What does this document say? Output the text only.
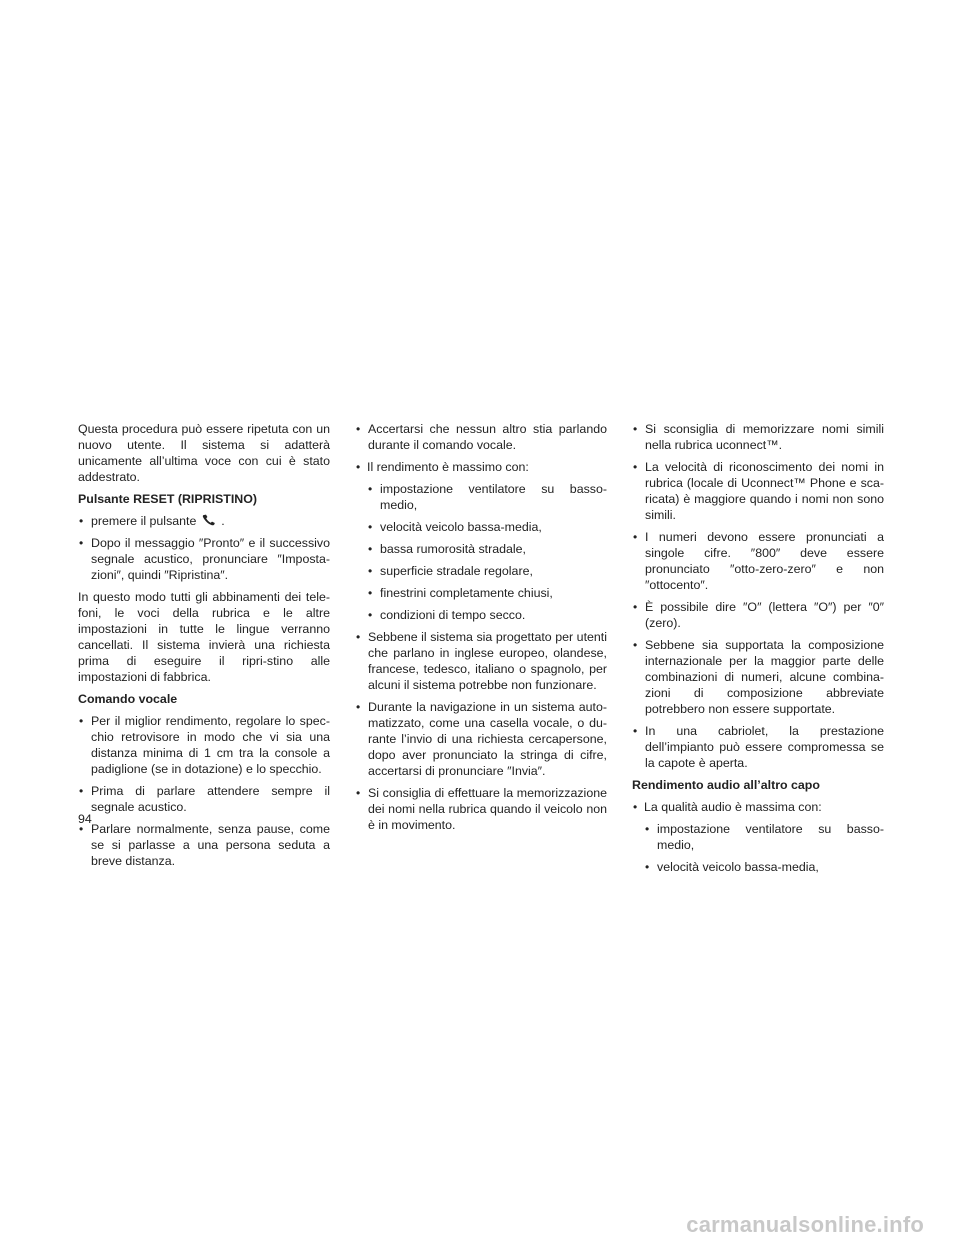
Questa procedura può essere ripetuta con un nuovo utente. Il sistema si adatterà unicamente all’ultima voce con cui è stato addestrato.

Pulsante RESET (RIPRISTINO)
• premere il pulsante .
• Dopo il messaggio ″Pronto″ e il successivo segnale acustico, pronunciare ″Imposta-zioni″, quindi ″Ripristina″.

In questo modo tutti gli abbinamenti dei tele-foni, le voci della rubrica e le altre impostazioni in tutte le lingue verranno cancellati. Il sistema invierà una richiesta prima di eseguire il ripri-stino alle impostazioni di fabbrica.

Comando vocale
• Per il miglior rendimento, regolare lo spec-chio retrovisore in modo che vi sia una distanza minima di 1 cm tra la console a padiglione (se in dotazione) e lo specchio.
• Prima di parlare attendere sempre il segnale acustico.
• Parlare normalmente, senza pause, come se si parlasse a una persona seduta a breve distanza.
• Accertarsi che nessun altro stia parlando durante il comando vocale.
• Il rendimento è massimo con:
• impostazione ventilatore su basso-medio,
• velocità veicolo bassa-media,
• bassa rumorosità stradale,
• superficie stradale regolare,
• finestrini completamente chiusi,
• condizioni di tempo secco.
• Sebbene il sistema sia progettato per utenti che parlano in inglese europeo, olandese, francese, tedesco, italiano o spagnolo, per alcuni il sistema potrebbe non funzionare.
• Durante la navigazione in un sistema auto-matizzato, come una casella vocale, o du-rante l’invio di una richiesta cercapersone, dopo aver pronunciato la stringa di cifre, accertarsi di pronunciare ″Invia″.
• Si consiglia di effettuare la memorizzazione dei nomi nella rubrica quando il veicolo non è in movimento.
• Si sconsiglia di memorizzare nomi simili nella rubrica uconnect™.
• La velocità di riconoscimento dei nomi in rubrica (locale di Uconnect™ Phone e sca-ricata) è maggiore quando i nomi non sono simili.
• I numeri devono essere pronunciati a singole cifre. ″800″ deve essere pronunciato ″otto-zero-zero″ e non ″ottocento″.
• È possibile dire ″O″ (lettera ″O″) per ″0″ (zero).
• Sebbene sia supportata la composizione internazionale per la maggior parte delle combinazioni di numeri, alcune combina-zioni di composizione abbreviate potrebbero non essere supportate.
• In una cabriolet, la prestazione dell’impianto può essere compromessa se la capote è aperta.
Rendimento audio all’altro capo
• La qualità audio è massima con:
• impostazione ventilatore su basso-medio,
• velocità veicolo bassa-media,
94
carmanualsonline.info
